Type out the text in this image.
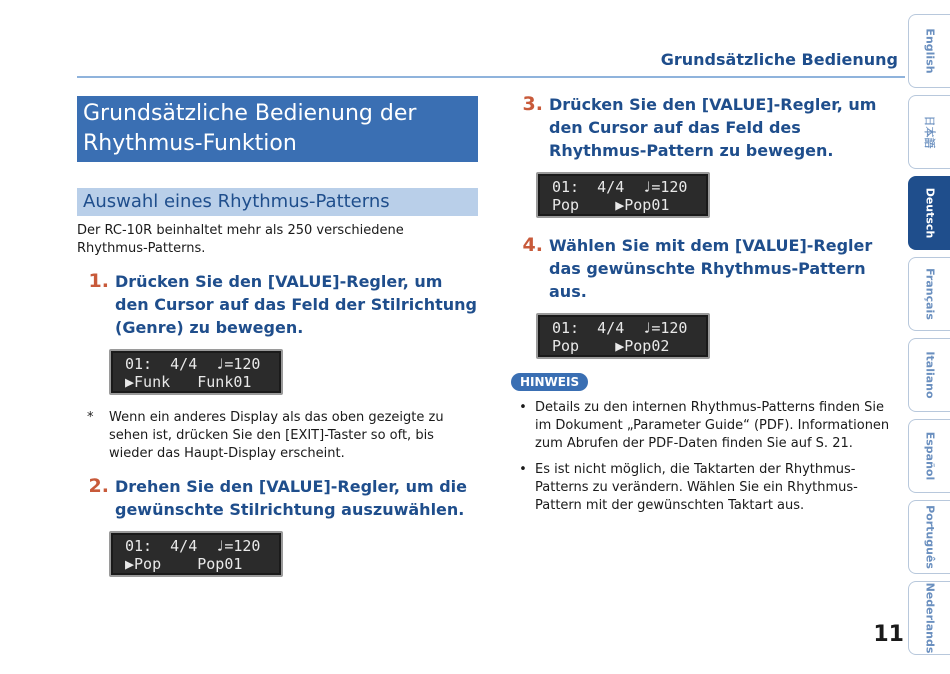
Grundsätzliche Bedienung
Grundsätzliche Bedienung der Rhythmus-Funktion
Auswahl eines Rhythmus-Patterns
Der RC-10R beinhaltet mehr als 250 verschiedene Rhythmus-Patterns.
1. Drücken Sie den [VALUE]-Regler, um den Cursor auf das Feld der Stilrichtung (Genre) zu bewegen.
01:  4/4  ♩=120
▶Funk   Funk01
*	Wenn ein anderes Display als das oben gezeigte zu sehen ist, drücken Sie den [EXIT]-Taster so oft, bis wieder das Haupt-Display erscheint.
2. Drehen Sie den [VALUE]-Regler, um die gewünschte Stilrichtung auszuwählen.
01:  4/4  ♩=120
▶Pop    Pop01
3. Drücken Sie den [VALUE]-Regler, um den Cursor auf das Feld des Rhythmus-Pattern zu bewegen.
01:  4/4  ♩=120
Pop    ▶Pop01
4. Wählen Sie mit dem [VALUE]-Regler das gewünschte Rhythmus-Pattern aus.
01:  4/4  ♩=120
Pop    ▶Pop02
HINWEIS
• Details zu den internen Rhythmus-Patterns finden Sie im Dokument „Parameter Guide“ (PDF). Informationen zum Abrufen der PDF-Daten finden Sie auf S. 21.
• Es ist nicht möglich, die Taktarten der Rhythmus-Patterns zu verändern. Wählen Sie ein Rhythmus-Pattern mit der gewünschten Taktart aus.
English
日本語
Deutsch
Français
Italiano
Español
Português
Nederlands
11
